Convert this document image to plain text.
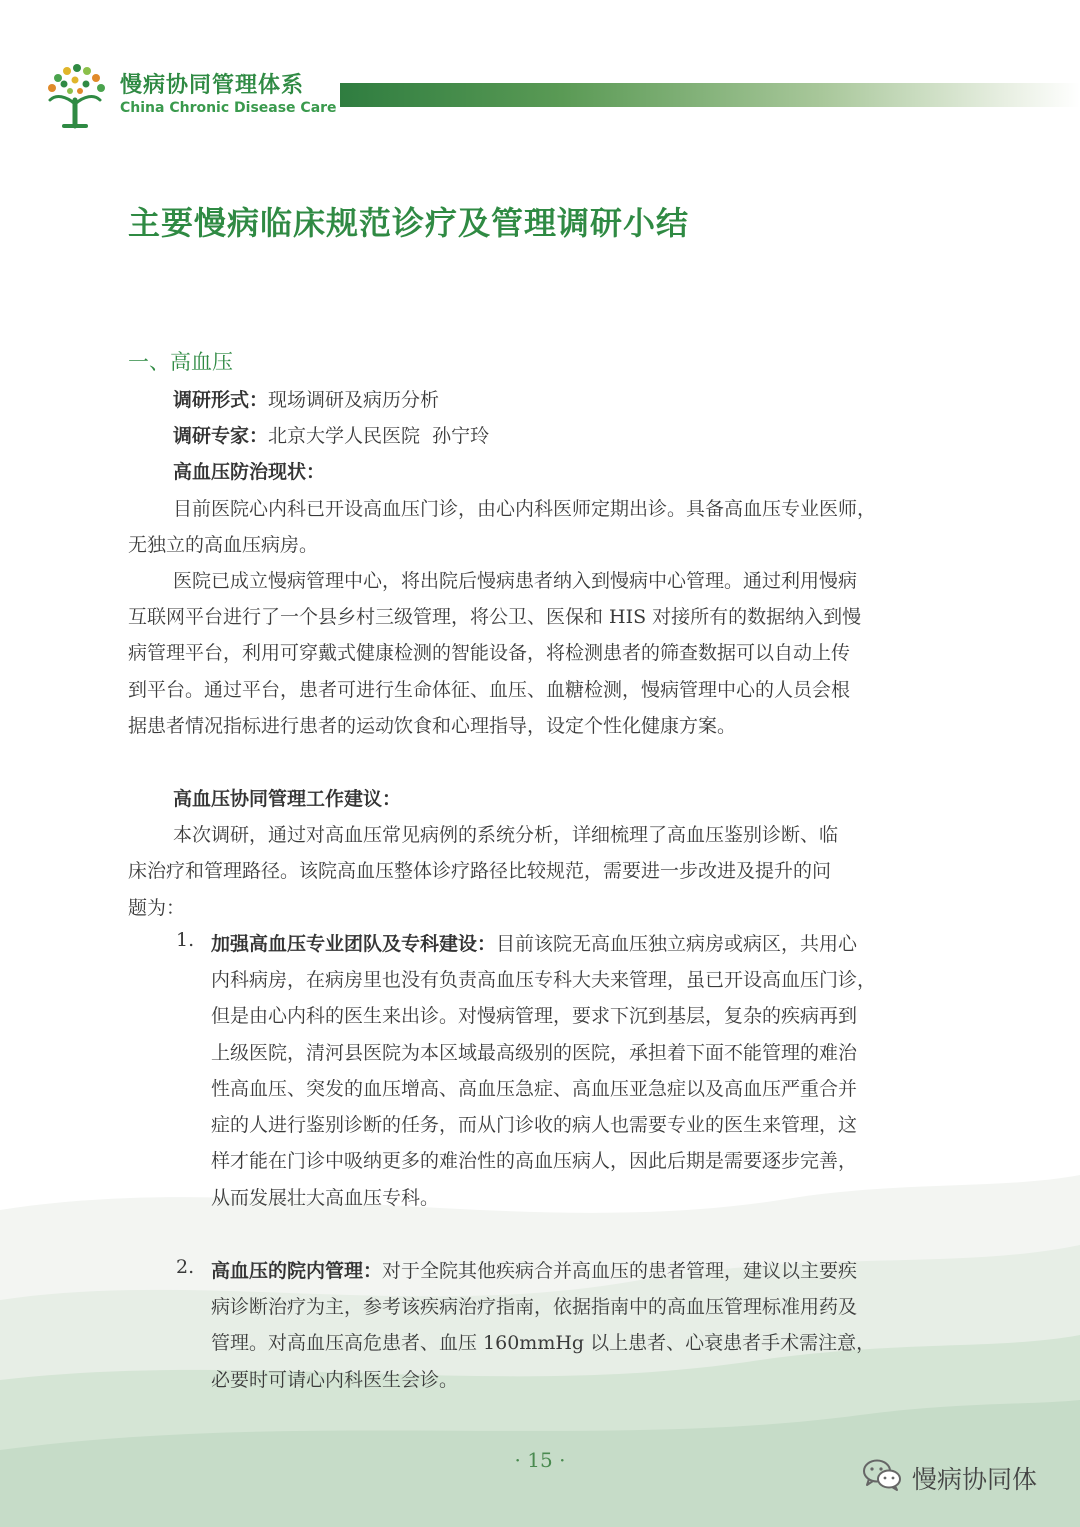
慢病协同管理体系
China Chronic Disease Care
主要慢病临床规范诊疗及管理调研小结
一、高血压
调研形式：现场调研及病历分析
调研专家：北京大学人民医院  孙宁玲
高血压防治现状：
目前医院心内科已开设高血压门诊，由心内科医师定期出诊。具备高血压专业医师，
无独立的高血压病房。
医院已成立慢病管理中心，将出院后慢病患者纳入到慢病中心管理。通过利用慢病
互联网平台进行了一个县乡村三级管理，将公卫、医保和 HIS 对接所有的数据纳入到慢
病管理平台，利用可穿戴式健康检测的智能设备，将检测患者的筛查数据可以自动上传
到平台。通过平台，患者可进行生命体征、血压、血糖检测，慢病管理中心的人员会根
据患者情况指标进行患者的运动饮食和心理指导，设定个性化健康方案。
高血压协同管理工作建议：
本次调研，通过对高血压常见病例的系统分析，详细梳理了高血压鉴别诊断、临
床治疗和管理路径。该院高血压整体诊疗路径比较规范，需要进一步改进及提升的问
题为：
1. 加强高血压专业团队及专科建设：目前该院无高血压独立病房或病区，共用心
内科病房，在病房里也没有负责高血压专科大夫来管理，虽已开设高血压门诊，
但是由心内科的医生来出诊。对慢病管理，要求下沉到基层，复杂的疾病再到
上级医院，清河县医院为本区域最高级别的医院，承担着下面不能管理的难治
性高血压、突发的血压增高、高血压急症、高血压亚急症以及高血压严重合并
症的人进行鉴别诊断的任务，而从门诊收的病人也需要专业的医生来管理，这
样才能在门诊中吸纳更多的难治性的高血压病人，因此后期是需要逐步完善，
从而发展壮大高血压专科。
2. 高血压的院内管理：对于全院其他疾病合并高血压的患者管理，建议以主要疾
病诊断治疗为主，参考该疾病治疗指南，依据指南中的高血压管理标准用药及
管理。对高血压高危患者、血压 160mmHg 以上患者、心衰患者手术需注意，
必要时可请心内科医生会诊。
· 15 ·
慢病协同体
